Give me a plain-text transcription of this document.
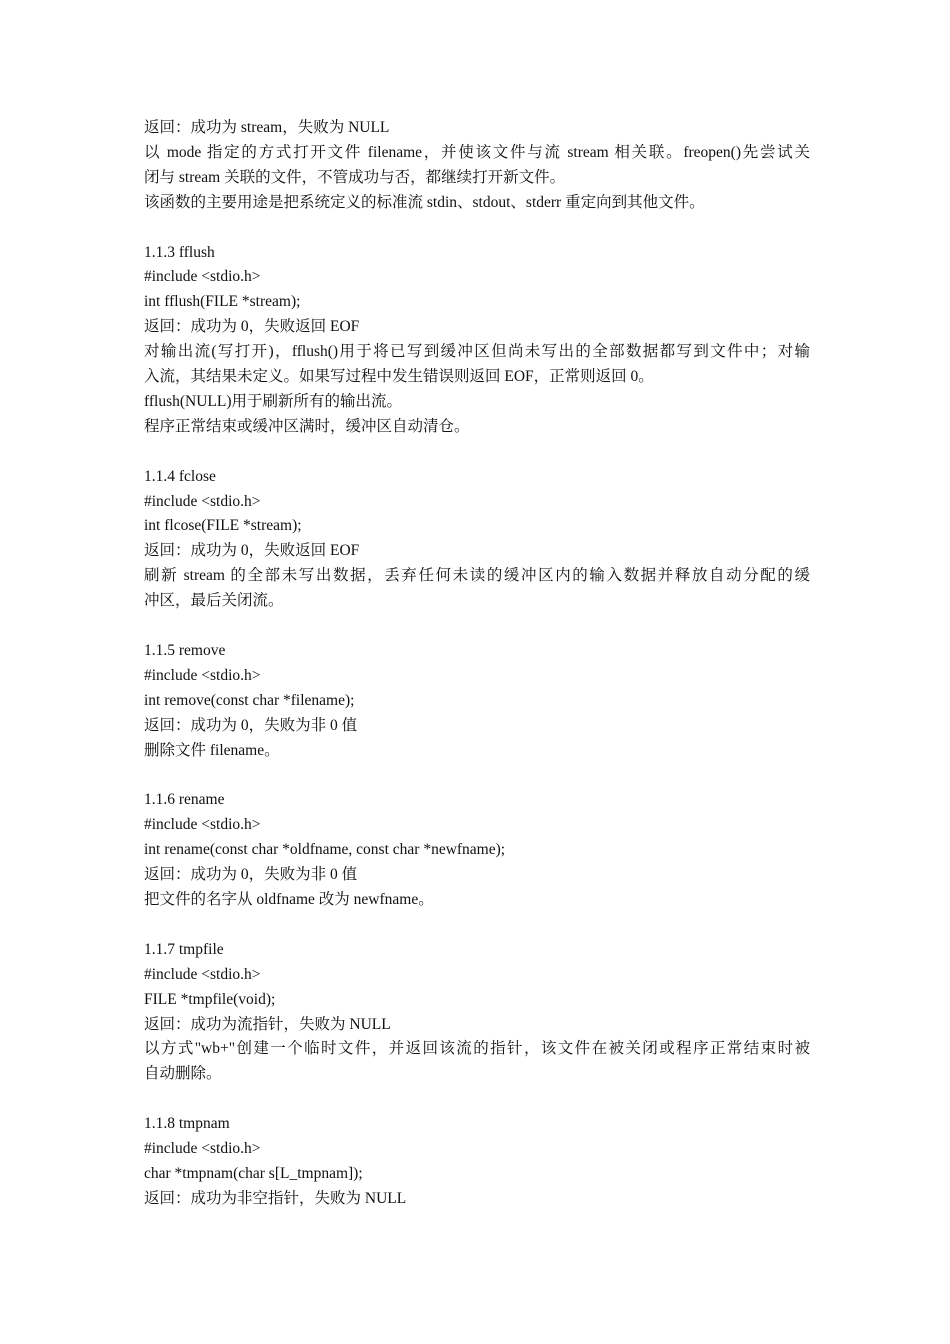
返回：成功为 stream，失败为 NULL
以 mode 指定的方式打开文件 filename，并使该文件与流 stream 相关联。freopen()先尝试关
闭与 stream 关联的文件，不管成功与否，都继续打开新文件。
该函数的主要用途是把系统定义的标准流 stdin、stdout、stderr 重定向到其他文件。
1.1.3 fflush
#include <stdio.h>
int fflush(FILE *stream);
返回：成功为 0，失败返回 EOF
对输出流(写打开)，fflush()用于将已写到缓冲区但尚未写出的全部数据都写到文件中；对输
入流，其结果未定义。如果写过程中发生错误则返回 EOF，正常则返回 0。
fflush(NULL)用于刷新所有的输出流。
程序正常结束或缓冲区满时，缓冲区自动清仓。
1.1.4 fclose
#include <stdio.h>
int flcose(FILE *stream);
返回：成功为 0，失败返回 EOF
刷新 stream 的全部未写出数据，丢弃任何未读的缓冲区内的输入数据并释放自动分配的缓
冲区，最后关闭流。
1.1.5 remove
#include <stdio.h>
int remove(const char *filename);
返回：成功为 0，失败为非 0 值
删除文件 filename。
1.1.6 rename
#include <stdio.h>
int rename(const char *oldfname, const char *newfname);
返回：成功为 0，失败为非 0 值
把文件的名字从 oldfname 改为 newfname。
1.1.7 tmpfile
#include <stdio.h>
FILE *tmpfile(void);
返回：成功为流指针，失败为 NULL
以方式"wb+"创建一个临时文件，并返回该流的指针，该文件在被关闭或程序正常结束时被
自动删除。
1.1.8 tmpnam
#include <stdio.h>
char *tmpnam(char s[L_tmpnam]);
返回：成功为非空指针，失败为 NULL
